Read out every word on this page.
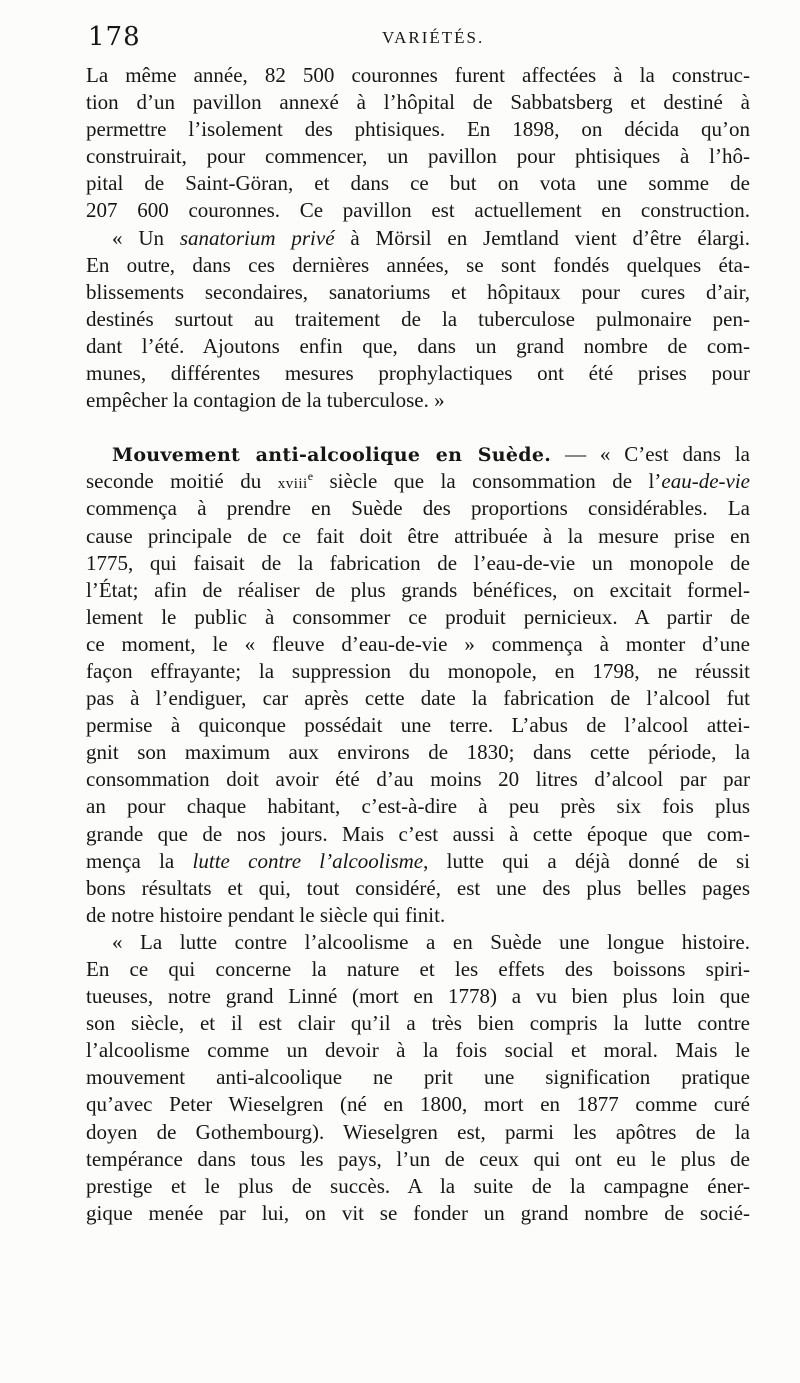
178	VARIÉTÉS.
La même année, 82 500 couronnes furent affectées à la construc-
tion d’un pavillon annexé à l’hôpital de Sabbatsberg et destiné à
permettre l’isolement des phtisiques. En 1898, on décida qu’on
construirait, pour commencer, un pavillon pour phtisiques à l’hô-
pital de Saint-Göran, et dans ce but on vota une somme de
207 600 couronnes. Ce pavillon est actuellement en construction.
« Un sanatorium privé à Mörsil en Jemtland vient d’être élargi.
En outre, dans ces dernières années, se sont fondés quelques éta-
blissements secondaires, sanatoriums et hôpitaux pour cures d’air,
destinés surtout au traitement de la tuberculose pulmonaire pen-
dant l’été. Ajoutons enfin que, dans un grand nombre de com-
munes, différentes mesures prophylactiques ont été prises pour
empêcher la contagion de la tuberculose. »
Mouvement anti-alcoolique en Suède. — « C’est dans la
seconde moitié du xviii$^e$ siècle que la consommation de l’eau-de-vie
commença à prendre en Suède des proportions considérables. La
cause principale de ce fait doit être attribuée à la mesure prise en
1775, qui faisait de la fabrication de l’eau-de-vie un monopole de
l’État; afin de réaliser de plus grands bénéfices, on excitait formel-
lement le public à consommer ce produit pernicieux. A partir de
ce moment, le « fleuve d’eau-de-vie » commença à monter d’une
façon effrayante; la suppression du monopole, en 1798, ne réussit
pas à l’endiguer, car après cette date la fabrication de l’alcool fut
permise à quiconque possédait une terre. L’abus de l’alcool attei-
gnit son maximum aux environs de 1830; dans cette période, la
consommation doit avoir été d’au moins 20 litres d’alcool par par
an pour chaque habitant, c’est-à-dire à peu près six fois plus
grande que de nos jours. Mais c’est aussi à cette époque que com-
mença la lutte contre l’alcoolisme, lutte qui a déjà donné de si
bons résultats et qui, tout considéré, est une des plus belles pages
de notre histoire pendant le siècle qui finit.
« La lutte contre l’alcoolisme a en Suède une longue histoire.
En ce qui concerne la nature et les effets des boissons spiri-
tueuses, notre grand Linné (mort en 1778) a vu bien plus loin que
son siècle, et il est clair qu’il a très bien compris la lutte contre
l’alcoolisme comme un devoir à la fois social et moral. Mais le
mouvement anti-alcoolique ne prit une signification pratique
qu’avec Peter Wieselgren (né en 1800, mort en 1877 comme curé
doyen de Gothembourg). Wieselgren est, parmi les apôtres de la
tempérance dans tous les pays, l’un de ceux qui ont eu le plus de
prestige et le plus de succès. A la suite de la campagne éner-
gique menée par lui, on vit se fonder un grand nombre de socié-
